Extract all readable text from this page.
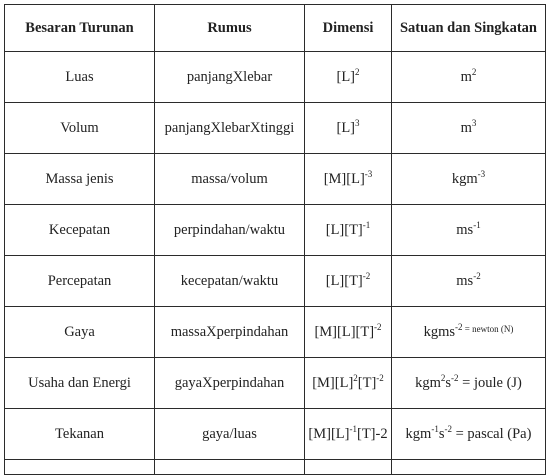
Besaran Turunan	Rumus	Dimensi	Satuan dan Singkatan
Luas	panjangXlebar	$[L]^2$	$m^2$
Volum	panjangXlebarXtinggi	$[L]^3$	$m^3$
Massa jenis	massa/volum	$[M][L]^{-3}$	kgm$^{-3}$
Kecepatan	perpindahan/waktu	$[L][T]^{-1}$	$ms^{-1}$
Percepatan	kecepatan/waktu	$[L][T]^{-2}$	$ms^{-2}$
Gaya	massaXperpindahan	$[M][L][T]^{-2}$	kgms$^{-2}$ $^{= newton (N)}$
Usaha dan Energi	gayaXperpindahan	$[M][L]^2[T]^{-2}$	$kgm^2s^{-2}$ = joule (J)
Tekanan	gaya/luas	$[M][L]^{-1}[T]-2$	$kgm^{-1}s^{-2}$ = pascal (Pa)
